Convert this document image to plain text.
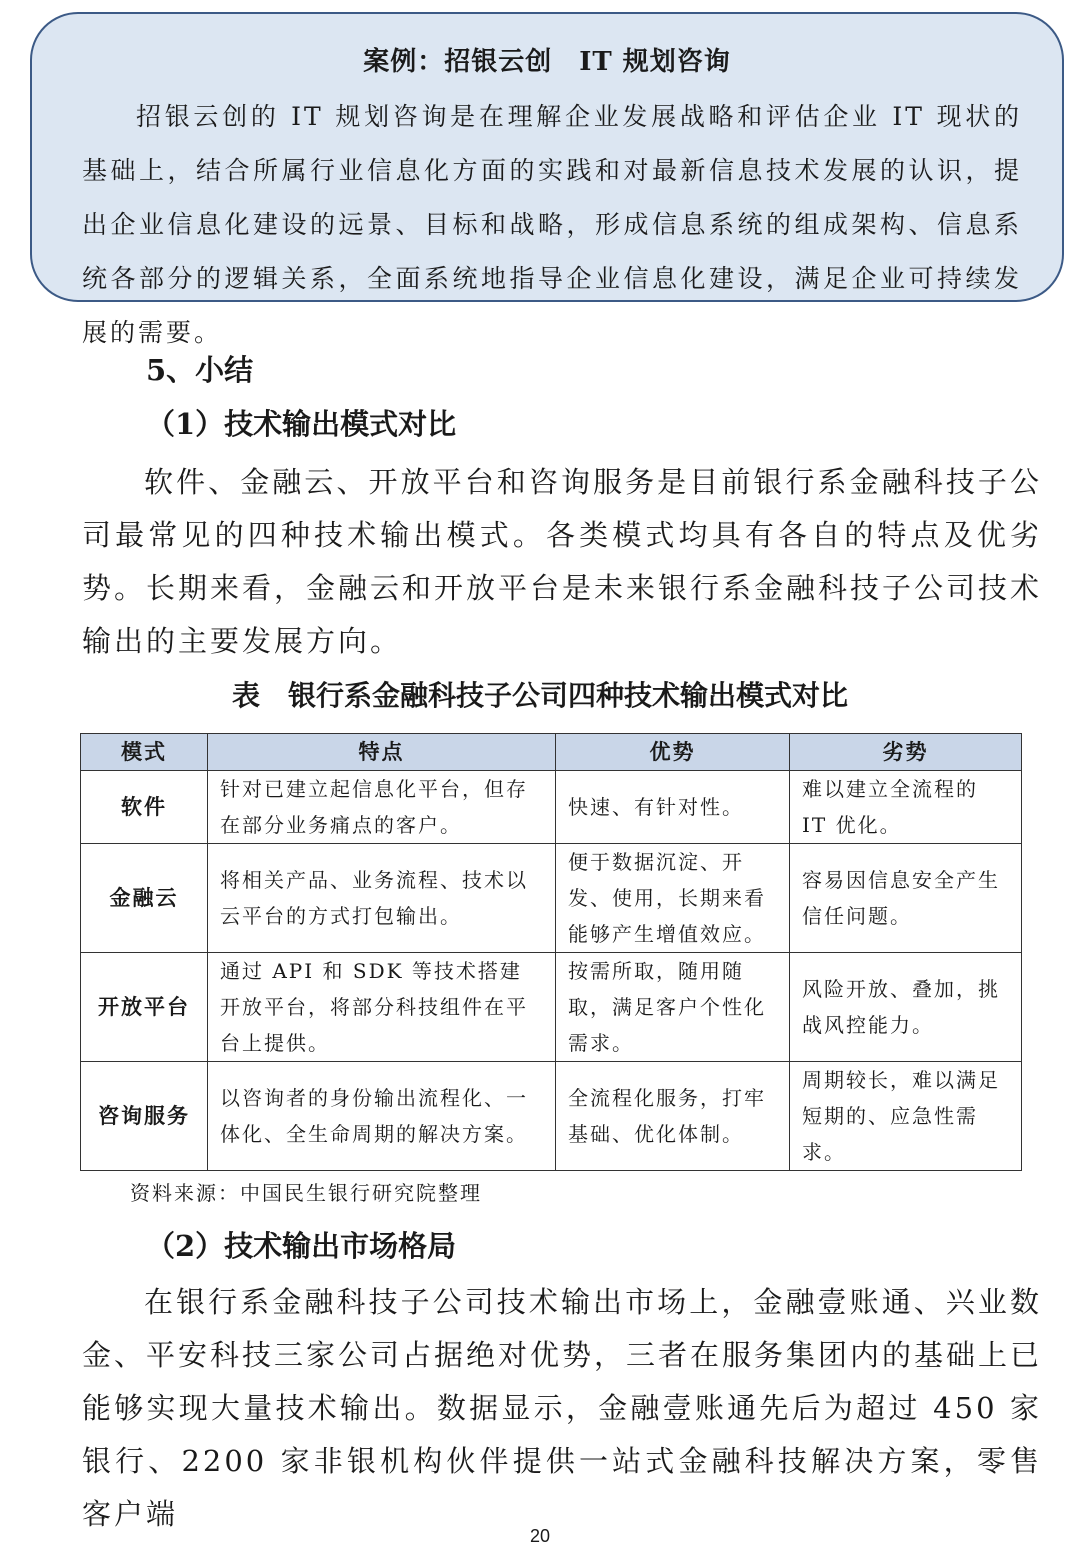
案例：招银云创　IT 规划咨询
招银云创的 IT 规划咨询是在理解企业发展战略和评估企业 IT 现状的基础上，结合所属行业信息化方面的实践和对最新信息技术发展的认识，提出企业信息化建设的远景、目标和战略，形成信息系统的组成架构、信息系统各部分的逻辑关系，全面系统地指导企业信息化建设，满足企业可持续发展的需要。
5、小结
（1）技术输出模式对比
软件、金融云、开放平台和咨询服务是目前银行系金融科技子公司最常见的四种技术输出模式。各类模式均具有各自的特点及优劣势。长期来看，金融云和开放平台是未来银行系金融科技子公司技术输出的主要发展方向。
表　银行系金融科技子公司四种技术输出模式对比
模式	特点	优势	劣势
软件	针对已建立起信息化平台，但存在部分业务痛点的客户。	快速、有针对性。	难以建立全流程的 IT 优化。
金融云	将相关产品、业务流程、技术以云平台的方式打包输出。	便于数据沉淀、开发、使用，长期来看能够产生增值效应。	容易因信息安全产生信任问题。
开放平台	通过 API 和 SDK 等技术搭建开放平台，将部分科技组件在平台上提供。	按需所取，随用随取，满足客户个性化需求。	风险开放、叠加，挑战风控能力。
咨询服务	以咨询者的身份输出流程化、一体化、全生命周期的解决方案。	全流程化服务，打牢基础、优化体制。	周期较长，难以满足短期的、应急性需求。
资料来源：中国民生银行研究院整理
（2）技术输出市场格局
在银行系金融科技子公司技术输出市场上，金融壹账通、兴业数金、平安科技三家公司占据绝对优势，三者在服务集团内的基础上已能够实现大量技术输出。数据显示，金融壹账通先后为超过 450 家银行、2200 家非银机构伙伴提供一站式金融科技解决方案，零售客户端
20
